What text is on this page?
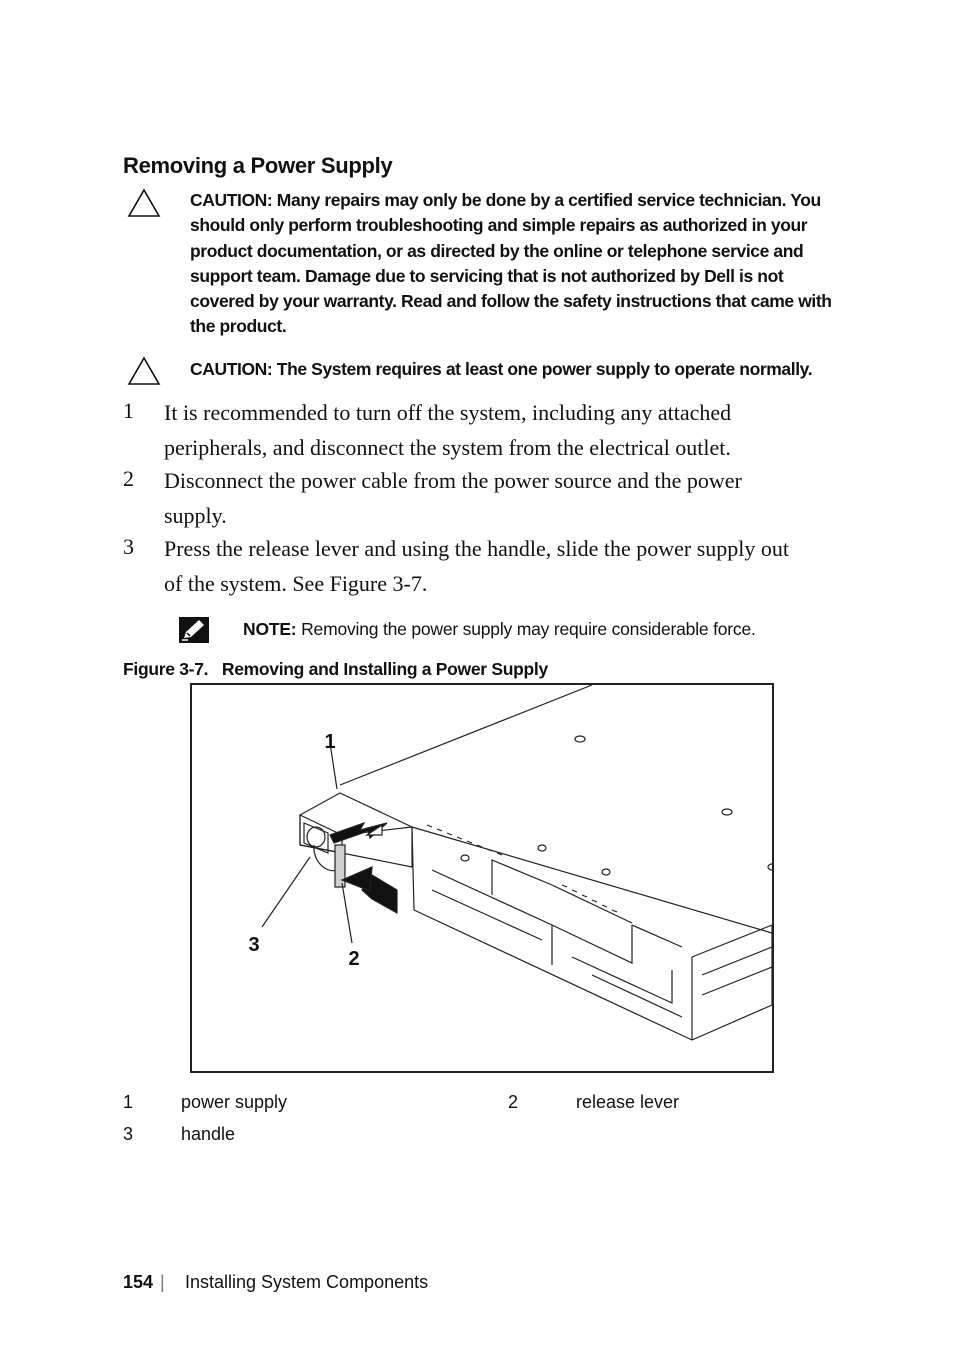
Removing a Power Supply
CAUTION: Many repairs may only be done by a certified service technician. You
should only perform troubleshooting and simple repairs as authorized in your
product documentation, or as directed by the online or telephone service and
support team. Damage due to servicing that is not authorized by Dell is not
covered by your warranty. Read and follow the safety instructions that came with
the product.
CAUTION: The System requires at least one power supply to operate normally.
1 It is recommended to turn off the system, including any attached
peripherals, and disconnect the system from the electrical outlet.
2 Disconnect the power cable from the power source and the power
supply.
3 Press the release lever and using the handle, slide the power supply out
of the system. See Figure 3-7.
NOTE: Removing the power supply may require considerable force.
Figure 3-7.   Removing and Installing a Power Supply
1
2
3
1	power supply	2	release lever
3	handle
154 | Installing System Components
